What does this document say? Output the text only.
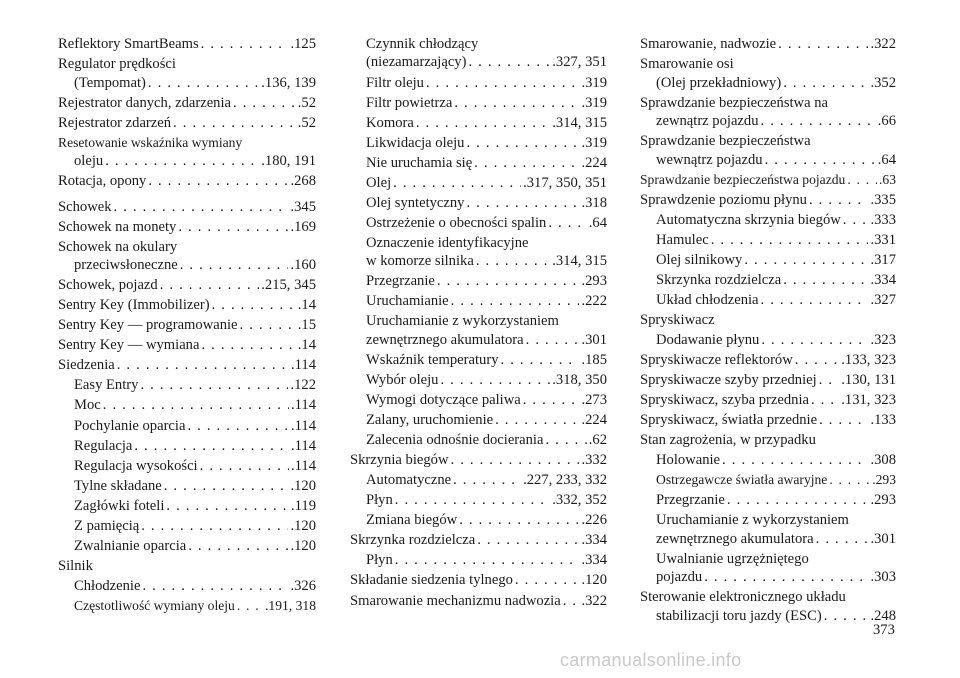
Reflektory SmartBeams . . .	.125
Regulator prędkości
(Tempomat) . . .	.136, 139
Rejestrator danych, zdarzenia . . .	.52
Rejestrator zdarzeń . . .	.52
Resetowanie wskaźnika wymiany
oleju . . .	.180, 191
Rotacja, opony . . .	.268
Schowek . . .	.345
Schowek na monety . . .	.169
Schowek na okulary
przeciwsłoneczne . . .	.160
Schowek, pojazd . . .	.215, 345
Sentry Key (Immobilizer) . . .	.14
Sentry Key — programowanie . . .	.15
Sentry Key — wymiana . . .	.14
Siedzenia . . .	.114
Easy Entry . . .	.122
Moc . . .	.114
Pochylanie oparcia . . .	.114
Regulacja . . .	.114
Regulacja wysokości . . .	.114
Tylne składane . . .	.120
Zagłówki foteli . . .	.119
Z pamięcią . . .	.120
Zwalnianie oparcia . . .	.120
Silnik
Chłodzenie . . .	.326
Częstotliwość wymiany oleju . . . .191, 318
Czynnik chłodzący
(niezamarzający) . . .	.327, 351
Filtr oleju . . .	.319
Filtr powietrza . . .	.319
Komora . . .	.314, 315
Likwidacja oleju . . .	.319
Nie uruchamia się . . .	.224
Olej . . .	.317, 350, 351
Olej syntetyczny . . .	.318
Ostrzeżenie o obecności spalin . . .	.64
Oznaczenie identyfikacyjne
w komorze silnika . . .	.314, 315
Przegrzanie . . .	.293
Uruchamianie . . .	.222
Uruchamianie z wykorzystaniem
zewnętrznego akumulatora . . .	.301
Wskaźnik temperatury . . .	.185
Wybór oleju . . .	.318, 350
Wymogi dotyczące paliwa . . .	.273
Zalany, uruchomienie . . .	.224
Zalecenia odnośnie docierania . . .	.62
Skrzynia biegów . . .	.332
Automatyczne . . .	.227, 233, 332
Płyn . . .	.332, 352
Zmiana biegów . . .	.226
Skrzynka rozdzielcza . . .	.334
Płyn . . .	.334
Składanie siedzenia tylnego . . .	.120
Smarowanie mechanizmu nadwozia . . . .322
Smarowanie, nadwozie . . .	.322
Smarowanie osi
(Olej przekładniowy) . . .	.352
Sprawdzanie bezpieczeństwa na
zewnątrz pojazdu . . .	.66
Sprawdzanie bezpieczeństwa
wewnątrz pojazdu . . .	.64
Sprawdzanie bezpieczeństwa pojazdu . . . .63
Sprawdzenie poziomu płynu . . .	.335
Automatyczna skrzynia biegów . . . .333
Hamulec . . .	.331
Olej silnikowy . . .	.317
Skrzynka rozdzielcza . . .	.334
Układ chłodzenia . . .	.327
Spryskiwacz
Dodawanie płynu . . .	.323
Spryskiwacze reflektorów . . .	.133, 323
Spryskiwacze szyby przedniej . . . .130, 131
Spryskiwacz, szyba przednia . . . .131, 323
Spryskiwacz, światła przednie . . .	.133
Stan zagrożenia, w przypadku
Holowanie . . .	.308
Ostrzegawcze światła awaryjne . . .	.293
Przegrzanie . . .	.293
Uruchamianie z wykorzystaniem
zewnętrznego akumulatora . . .	.301
Uwalnianie ugrzężniętego
pojazdu . . .	.303
Sterowanie elektronicznego układu
stabilizacji toru jazdy (ESC) . . .	.248
373
carmanualsonline.info
